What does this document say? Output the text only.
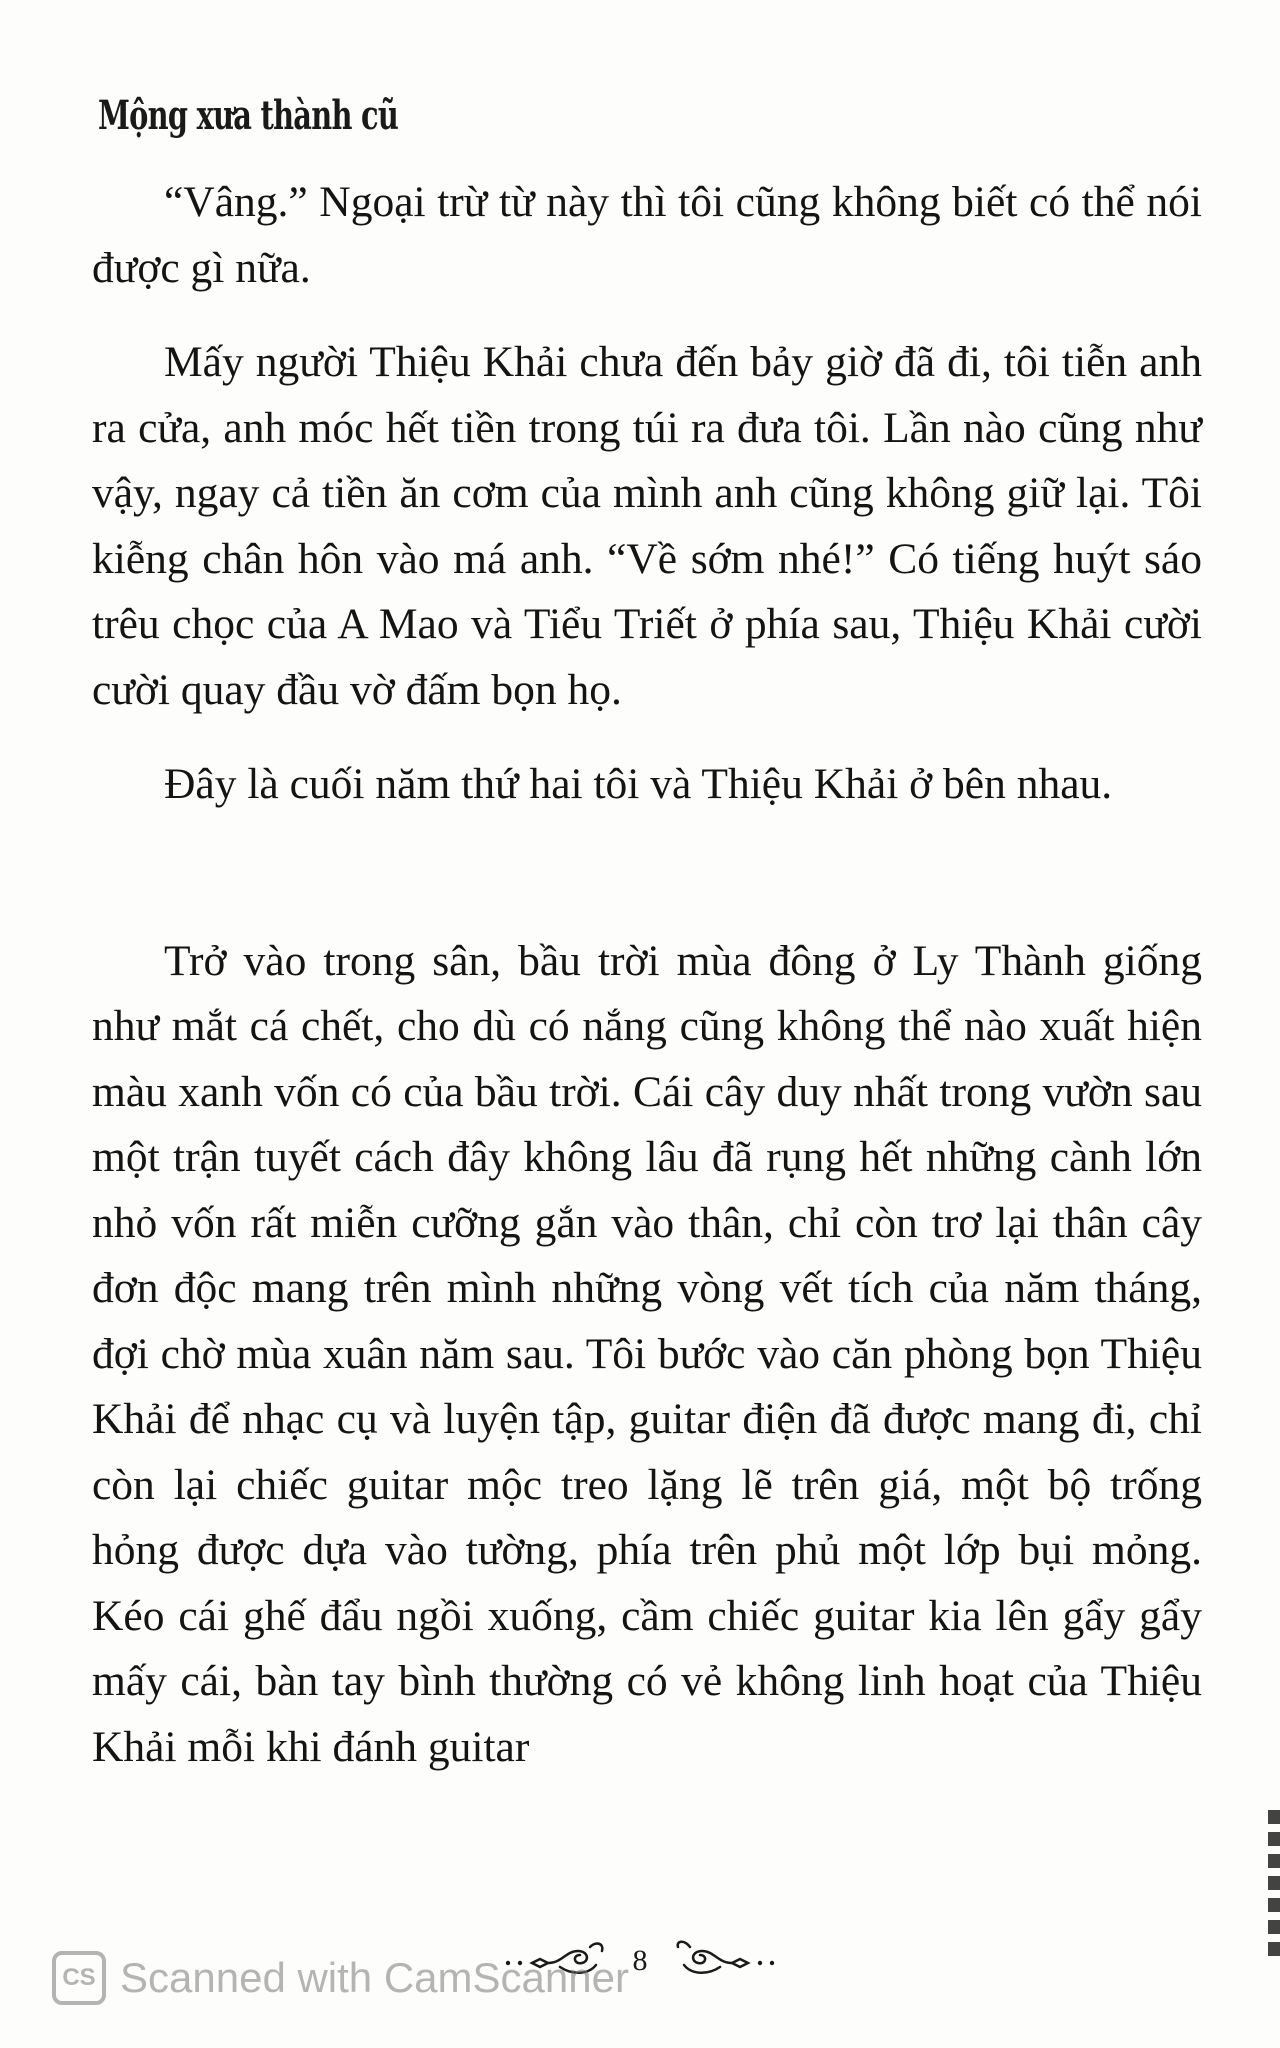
Mộng xưa thành cũ

“Vâng.” Ngoại trừ từ này thì tôi cũng không biết có thể nói được gì nữa.

Mấy người Thiệu Khải chưa đến bảy giờ đã đi, tôi tiễn anh ra cửa, anh móc hết tiền trong túi ra đưa tôi. Lần nào cũng như vậy, ngay cả tiền ăn cơm của mình anh cũng không giữ lại. Tôi kiễng chân hôn vào má anh. “Về sớm nhé!” Có tiếng huýt sáo trêu chọc của A Mao và Tiểu Triết ở phía sau, Thiệu Khải cười cười quay đầu vờ đấm bọn họ.

Đây là cuối năm thứ hai tôi và Thiệu Khải ở bên nhau.

Trở vào trong sân, bầu trời mùa đông ở Ly Thành giống như mắt cá chết, cho dù có nắng cũng không thể nào xuất hiện màu xanh vốn có của bầu trời. Cái cây duy nhất trong vườn sau một trận tuyết cách đây không lâu đã rụng hết những cành lớn nhỏ vốn rất miễn cưỡng gắn vào thân, chỉ còn trơ lại thân cây đơn độc mang trên mình những vòng vết tích của năm tháng, đợi chờ mùa xuân năm sau. Tôi bước vào căn phòng bọn Thiệu Khải để nhạc cụ và luyện tập, guitar điện đã được mang đi, chỉ còn lại chiếc guitar mộc treo lặng lẽ trên giá, một bộ trống hỏng được dựa vào tường, phía trên phủ một lớp bụi mỏng. Kéo cái ghế đẩu ngồi xuống, cầm chiếc guitar kia lên gẩy gẩy mấy cái, bàn tay bình thường có vẻ không linh hoạt của Thiệu Khải mỗi khi đánh guitar

8
CS Scanned with CamScanner
